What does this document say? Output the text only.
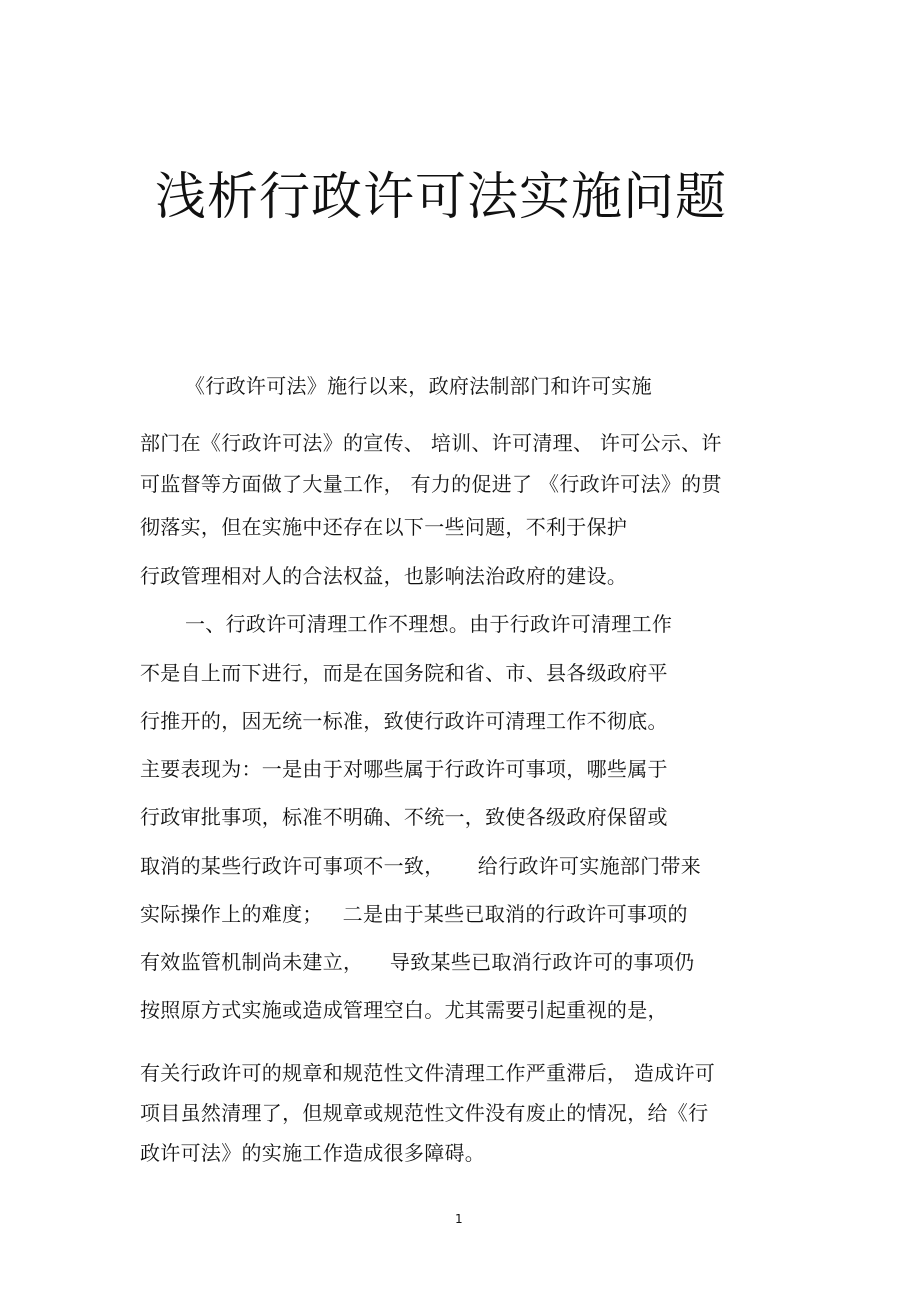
浅析行政许可法实施问题
《行政许可法》施行以来，政府法制部门和许可实施
部门在《行政许可法》的宣传、 培训、许可清理、 许可公示、许
可监督等方面做了大量工作， 有力的促进了 《行政许可法》的贯
彻落实，但在实施中还存在以下一些问题，不利于保护
行政管理相对人的合法权益，也影响法治政府的建设。
一、行政许可清理工作不理想。由于行政许可清理工作
不是自上而下进行，而是在国务院和省、市、县各级政府平
行推开的，因无统一标准，致使行政许可清理工作不彻底。
主要表现为：一是由于对哪些属于行政许可事项，哪些属于
行政审批事项，标准不明确、不统一，致使各级政府保留或
取消的某些行政许可事项不一致，     给行政许可实施部门带来
实际操作上的难度；   二是由于某些已取消的行政许可事项的
有效监管机制尚未建立，    导致某些已取消行政许可的事项仍
按照原方式实施或造成管理空白。尤其需要引起重视的是，
有关行政许可的规章和规范性文件清理工作严重滞后， 造成许可
项目虽然清理了，但规章或规范性文件没有废止的情况，给《行
政许可法》的实施工作造成很多障碍。
1
